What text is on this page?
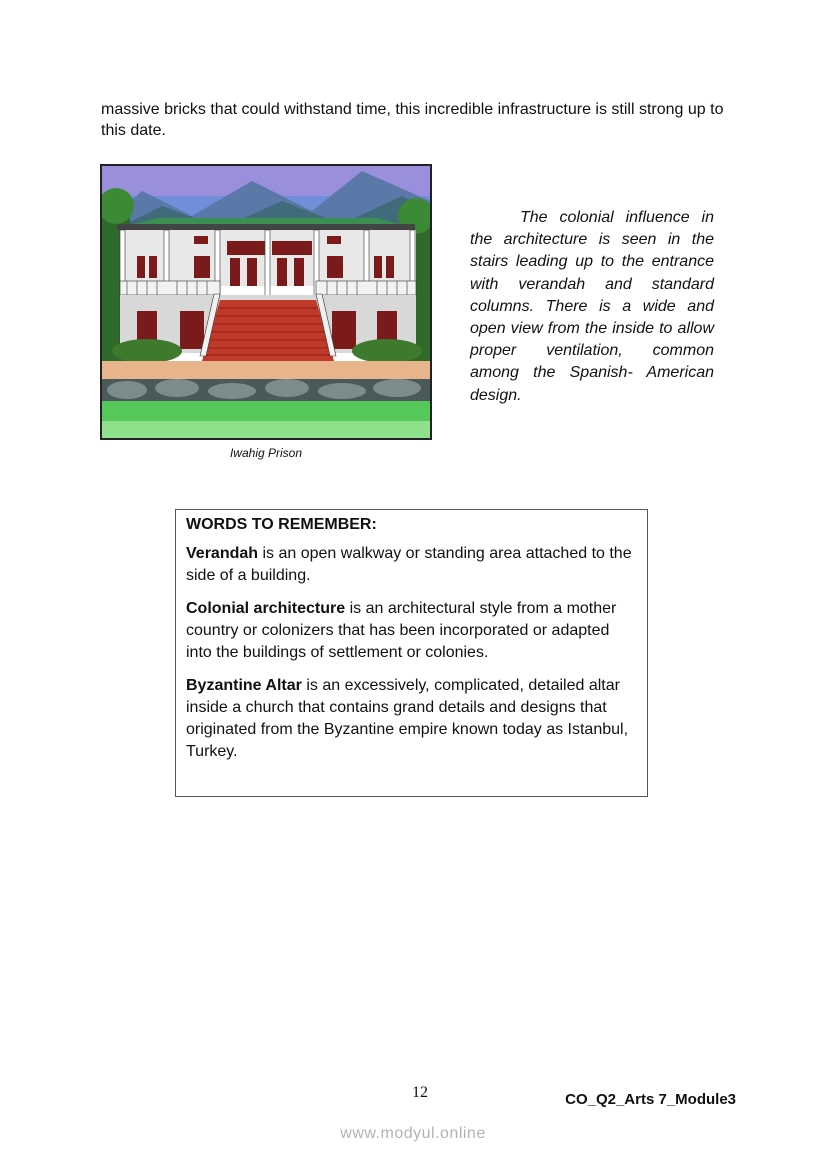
massive bricks that could withstand time, this incredible infrastructure is still strong up to this date.

Iwahig Prison

The colonial influence in the architecture is seen in the stairs leading up to the entrance with verandah and standard columns. There is a wide and open view from the inside to allow proper ventilation, common among the Spanish- American design.

WORDS TO REMEMBER:

Verandah is an open walkway or standing area attached to the side of a building.

Colonial architecture is an architectural style from a mother country or colonizers that has been incorporated or adapted into the buildings of settlement or colonies.

Byzantine Altar is an excessively, complicated, detailed altar inside a church that contains grand details and designs that originated from the Byzantine empire known today as Istanbul, Turkey.

12	CO_Q2_Arts 7_Module3
www.modyul.online
